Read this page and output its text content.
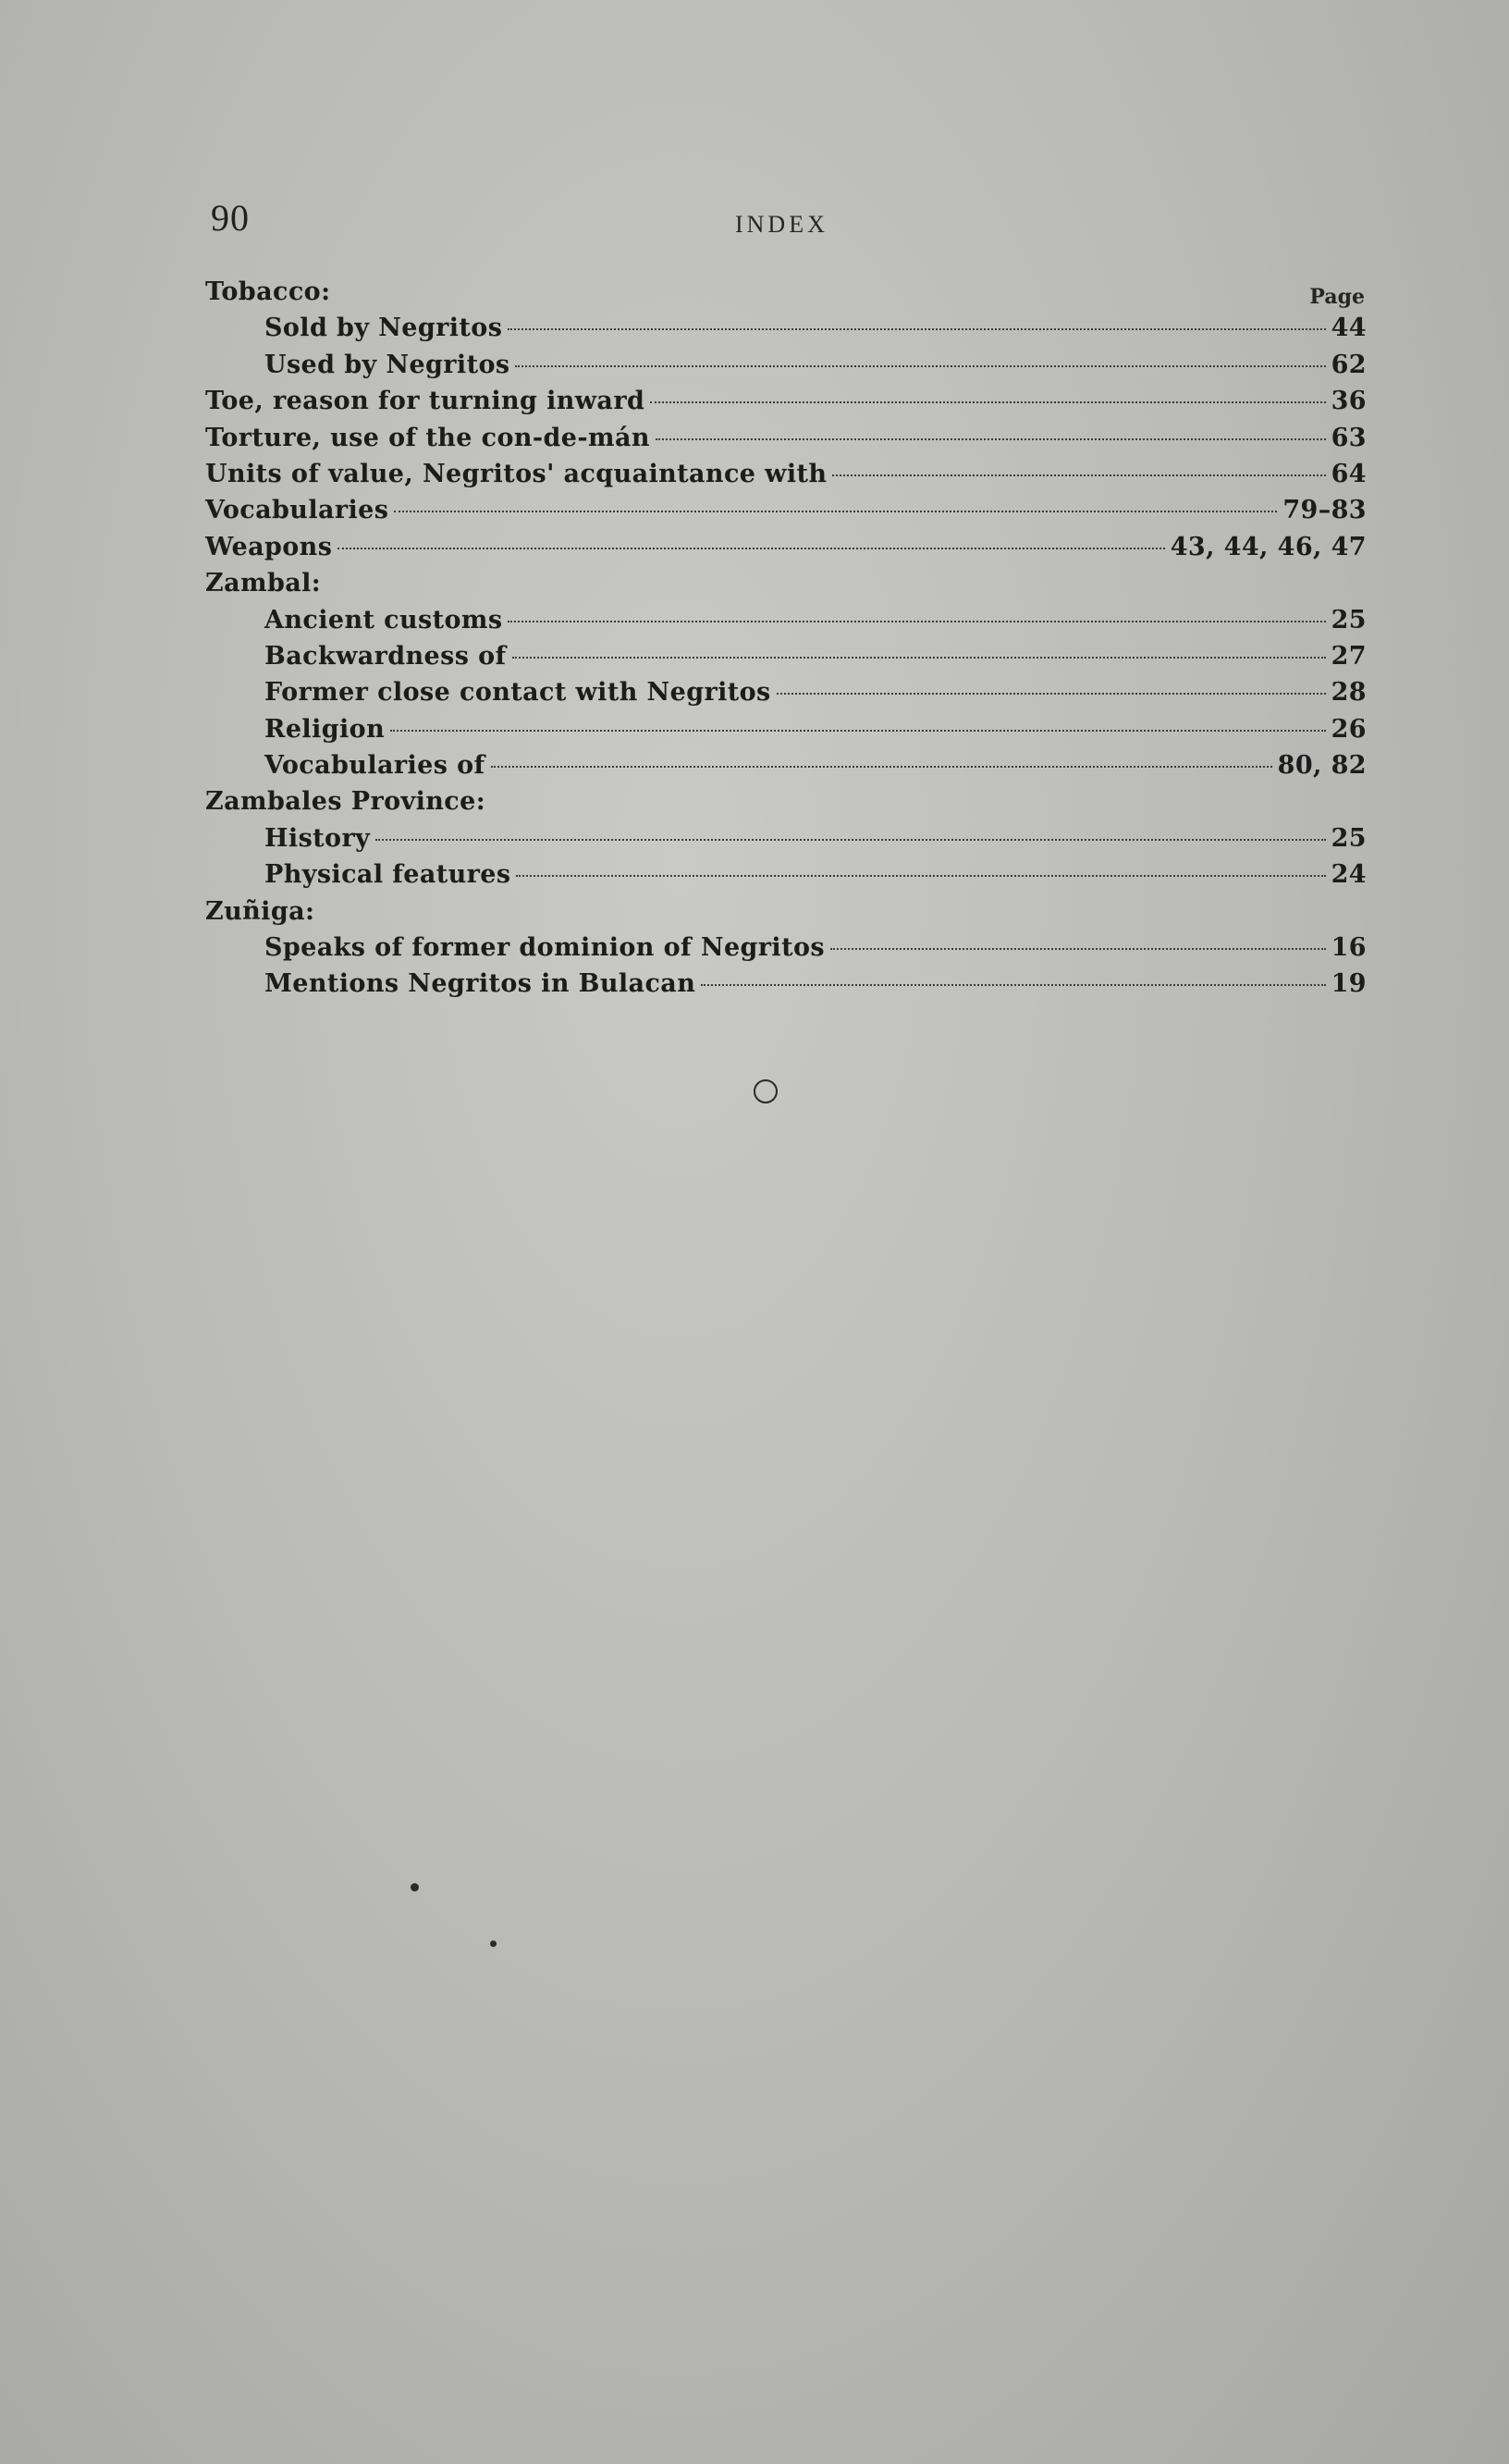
90	INDEX
Page
Tobacco:
Sold by Negritos	44
Used by Negritos	62
Toe, reason for turning inward	36
Torture, use of the con-de-mán	63
Units of value, Negritos' acquaintance with	64
Vocabularies	79–83
Weapons	43, 44, 46, 47
Zambal:
Ancient customs	25
Backwardness of	27
Former close contact with Negritos	28
Religion	26
Vocabularies of	80, 82
Zambales Province:
History	25
Physical features	24
Zuñiga:
Speaks of former dominion of Negritos	16
Mentions Negritos in Bulacan	19
